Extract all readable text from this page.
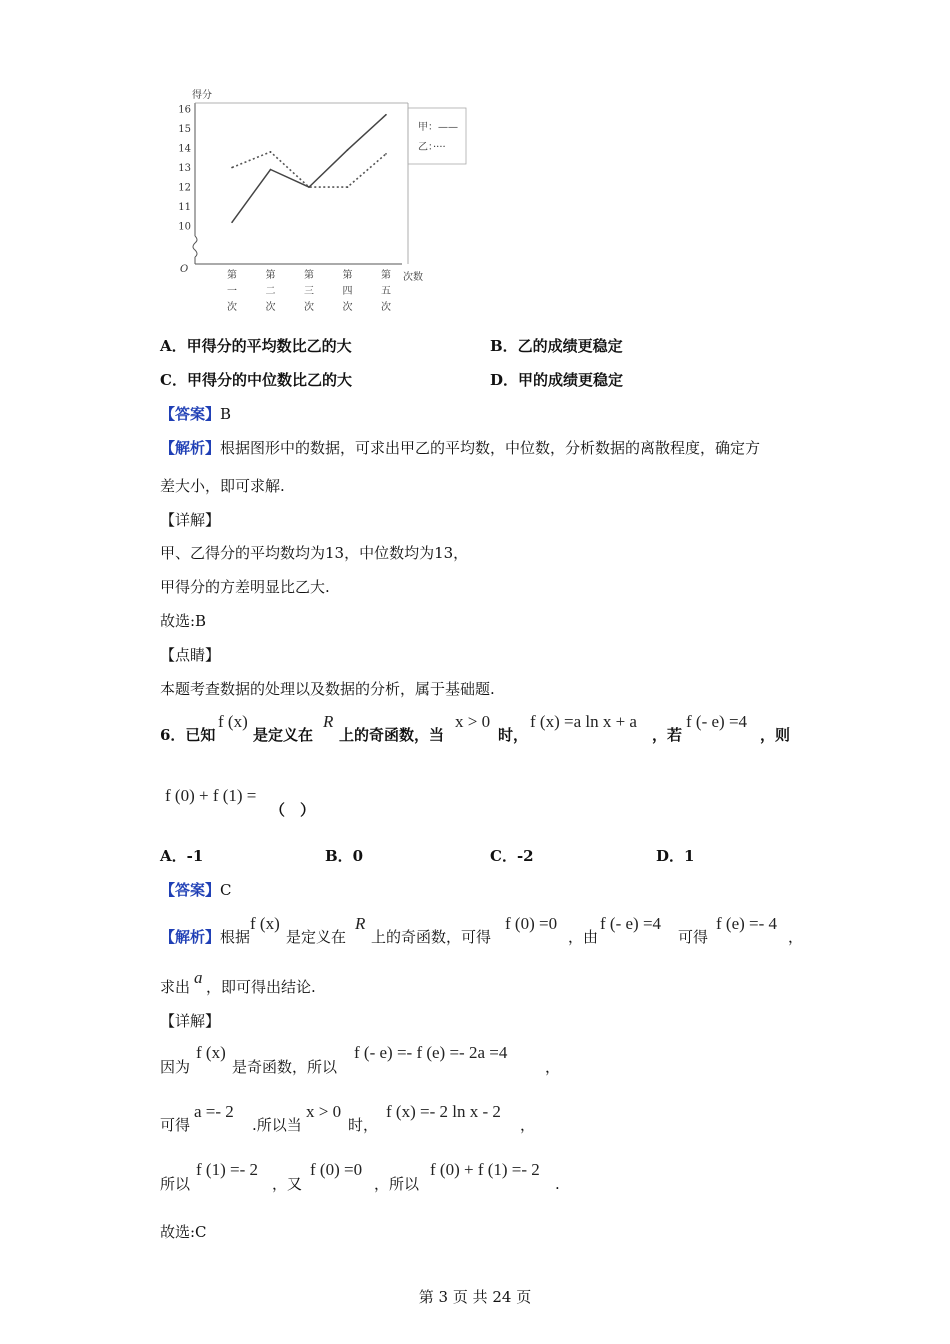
得分
O
10
11
12
13
14
15
16
第
一
次
第
二
次
第
三
次
第
四
次
第
五
次
次数
甲：——
乙：····
A．甲得分的平均数比乙的大	B．乙的成绩更稳定
C．甲得分的中位数比乙的大	D．甲的成绩更稳定
【答案】B
【解析】根据图形中的数据，可求出甲乙的平均数，中位数，分析数据的离散程度，确定方
差大小，即可求解.
【详解】
甲、乙得分的平均数均为13，中位数均为13，
甲得分的方差明显比乙大.
故选:B
【点睛】
本题考查数据的处理以及数据的分析，属于基础题.
6．已知
f (x)
是定义在
R
上的奇函数，当
x > 0
时，
f (x) =a ln x + a
，若
f (- e) =4
，则
f (0) + f (1) =
（　）
A．-1	B．0	C．-2	D．1
【答案】C
【解析】根据
f (x)
是定义在
R
上的奇函数，可得
f (0) =0
，由
f (- e) =4
可得
f (e) =- 4
，
求出 a ，即可得出结论.
【详解】
因为
f (x)
是奇函数，所以
f (- e) =- f (e) =- 2a =4
，
可得
a =- 2
.所以当
x > 0
时，
f (x) =- 2 ln x - 2
，
所以
f (1) =- 2
，又
f (0) =0
，所以
f (0) + f (1) =- 2
.
故选:C
第 3 页 共 24 页
